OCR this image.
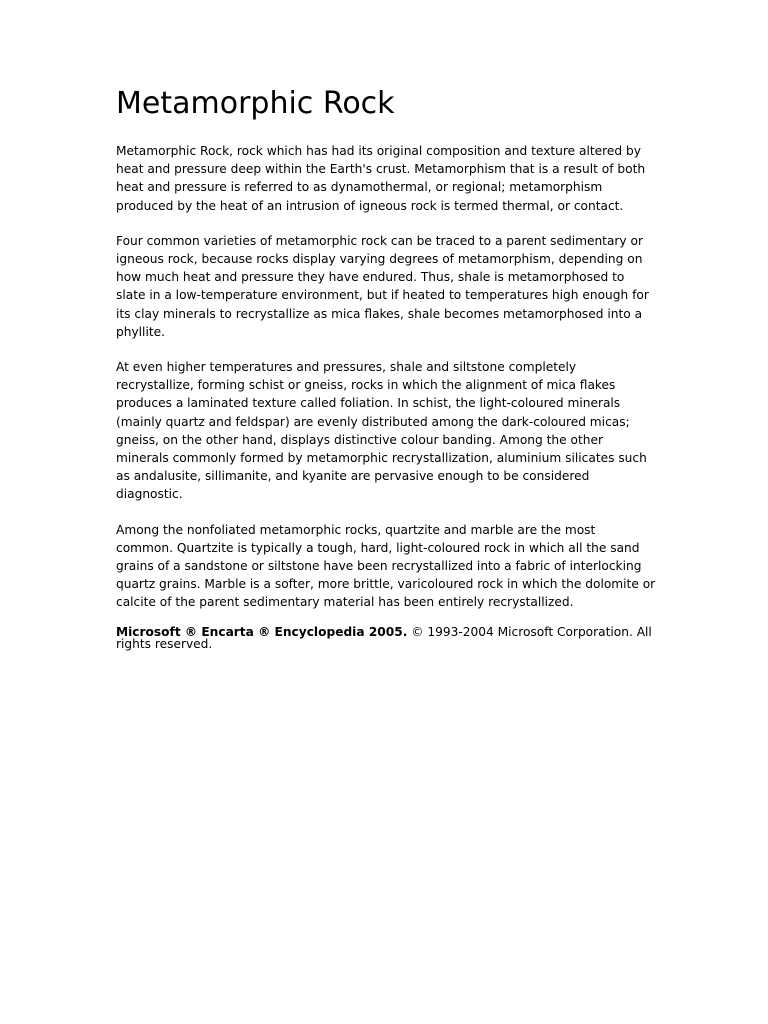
Metamorphic Rock

Metamorphic Rock, rock which has had its original composition and texture altered by heat and pressure deep within the Earth's crust. Metamorphism that is a result of both heat and pressure is referred to as dynamothermal, or regional; metamorphism produced by the heat of an intrusion of igneous rock is termed thermal, or contact.

Four common varieties of metamorphic rock can be traced to a parent sedimentary or igneous rock, because rocks display varying degrees of metamorphism, depending on how much heat and pressure they have endured. Thus, shale is metamorphosed to slate in a low-temperature environment, but if heated to temperatures high enough for its clay minerals to recrystallize as mica flakes, shale becomes metamorphosed into a phyllite.

At even higher temperatures and pressures, shale and siltstone completely recrystallize, forming schist or gneiss, rocks in which the alignment of mica flakes produces a laminated texture called foliation. In schist, the light-coloured minerals (mainly quartz and feldspar) are evenly distributed among the dark-coloured micas; gneiss, on the other hand, displays distinctive colour banding. Among the other minerals commonly formed by metamorphic recrystallization, aluminium silicates such as andalusite, sillimanite, and kyanite are pervasive enough to be considered diagnostic.

Among the nonfoliated metamorphic rocks, quartzite and marble are the most common. Quartzite is typically a tough, hard, light-coloured rock in which all the sand grains of a sandstone or siltstone have been recrystallized into a fabric of interlocking quartz grains. Marble is a softer, more brittle, varicoloured rock in which the dolomite or calcite of the parent sedimentary material has been entirely recrystallized.

Microsoft ® Encarta ® Encyclopedia 2005. © 1993-2004 Microsoft Corporation. All rights reserved.
